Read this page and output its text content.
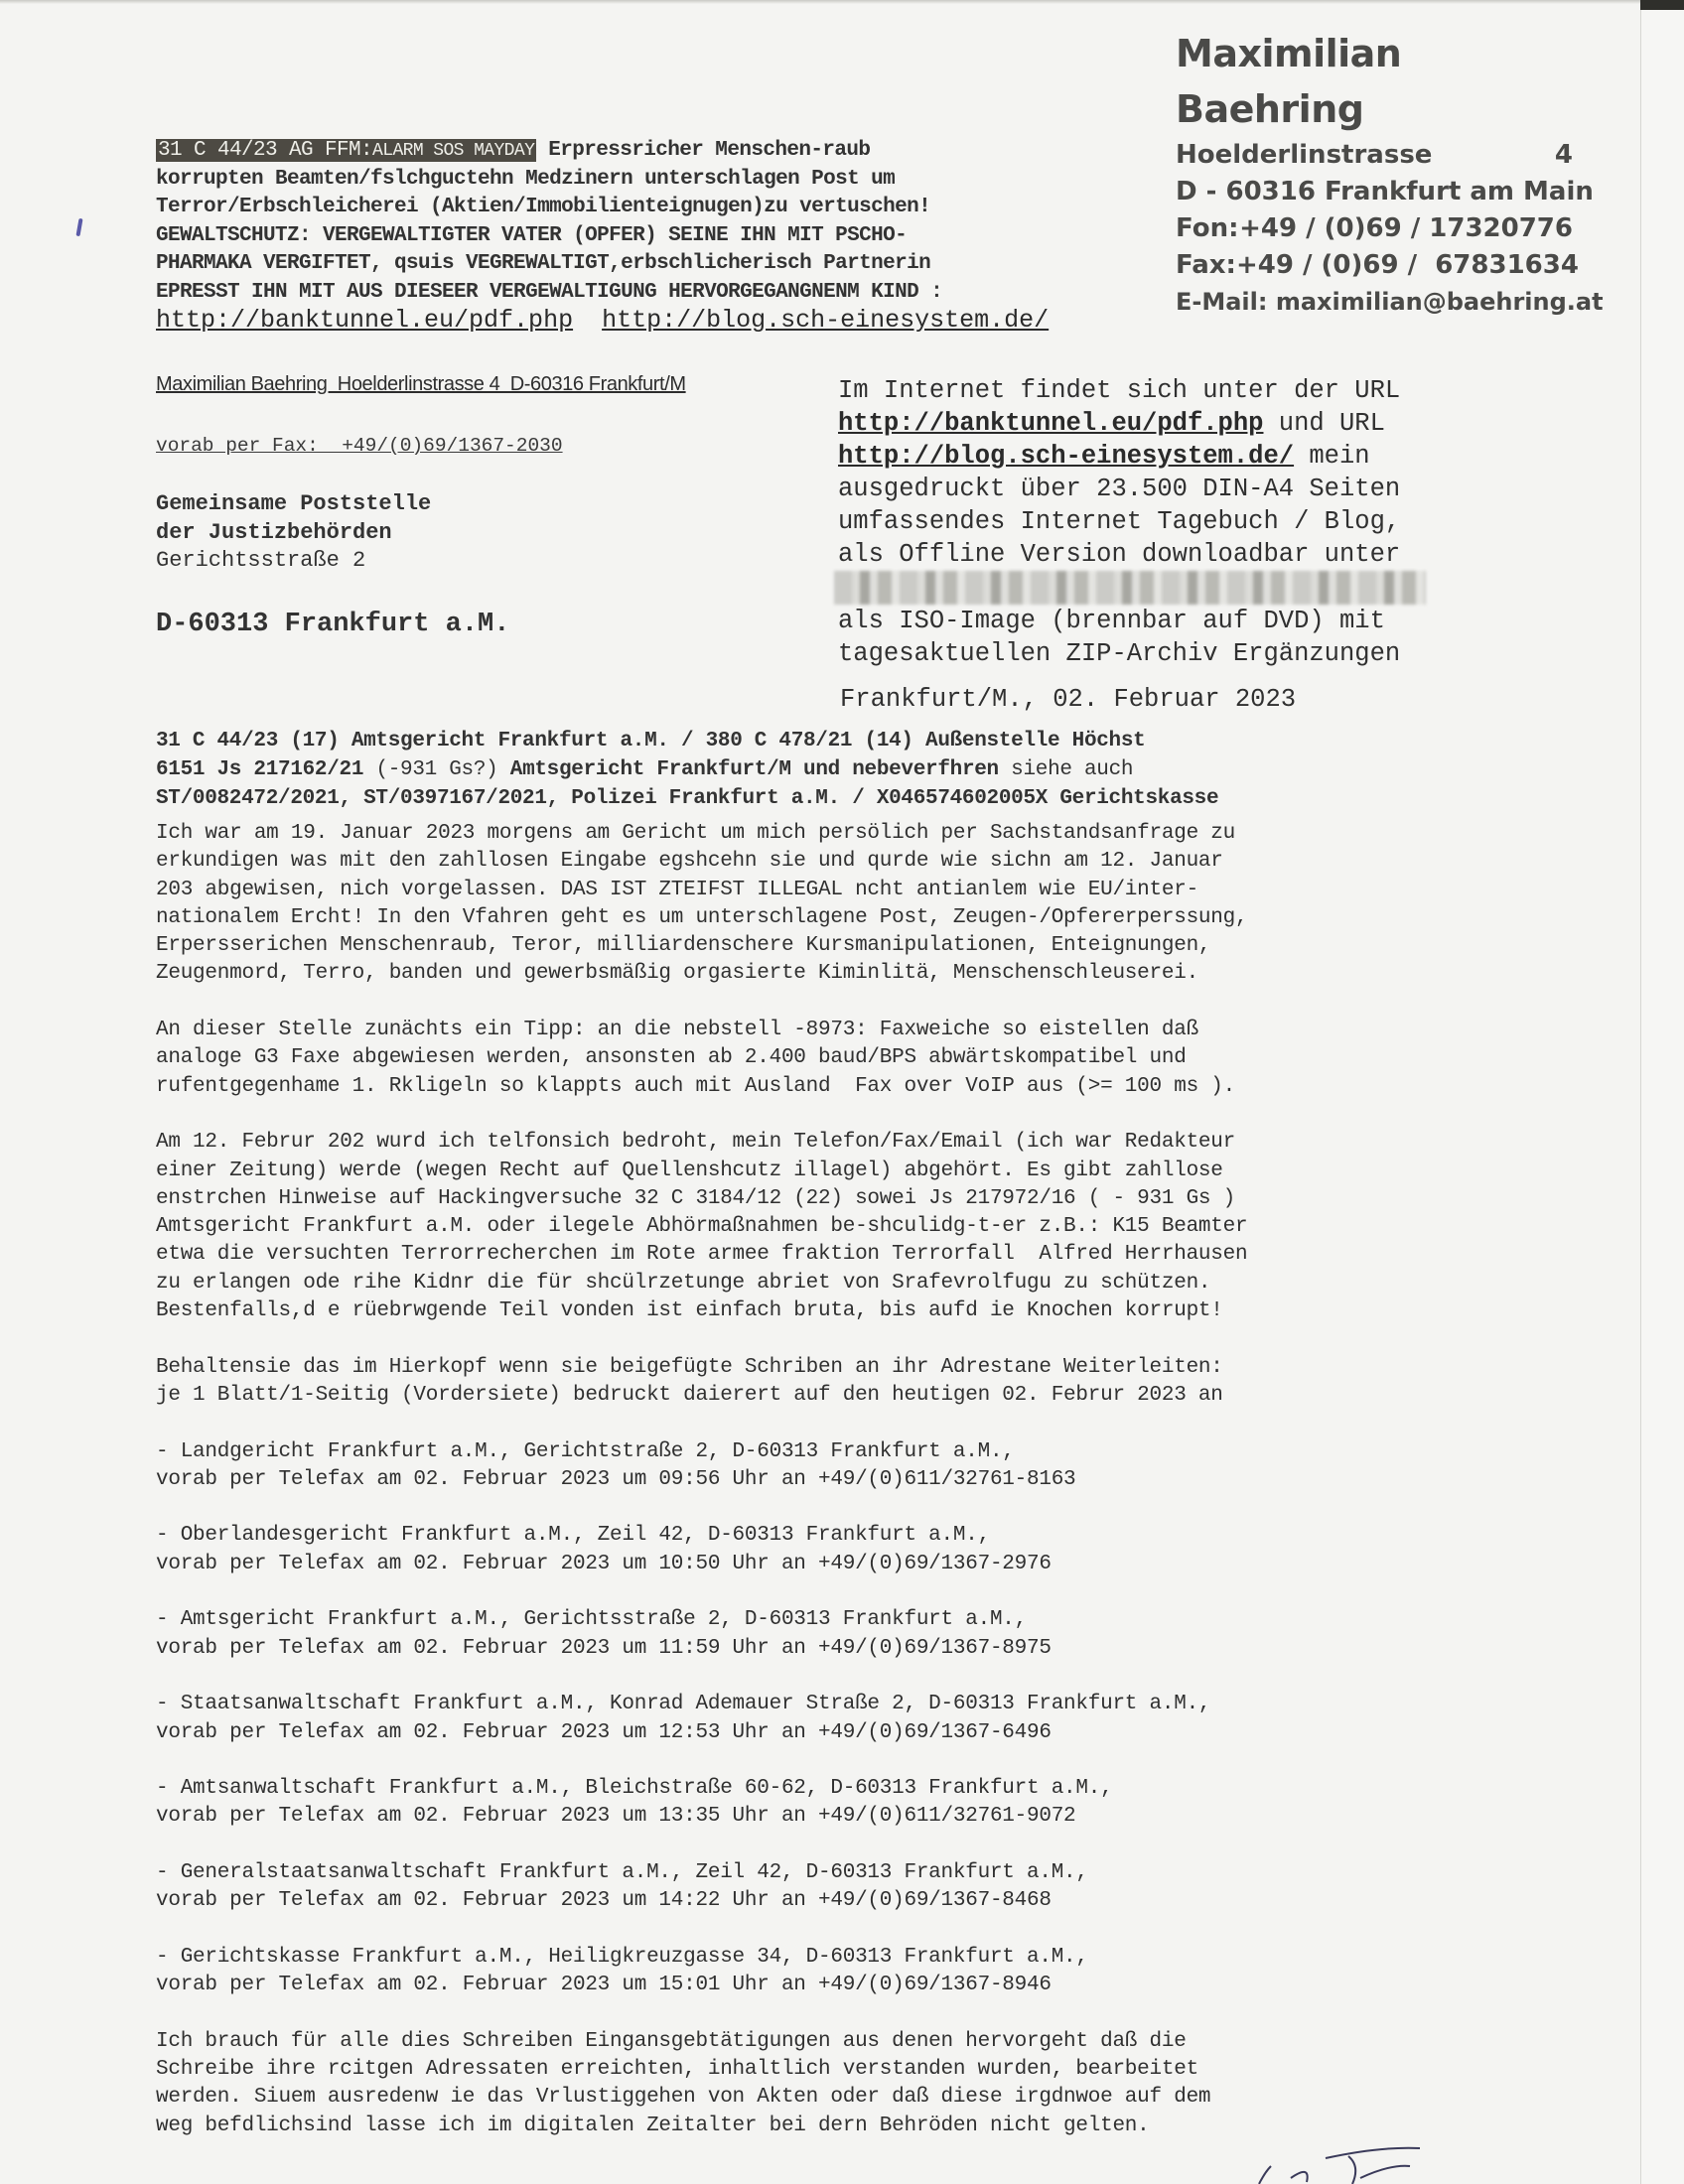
Maximilian Baehring
Hoelderlinstrasse	4
D - 60316 Frankfurt am Main
Fon: +49 / (0)69 / 17320776
Fax: +49 / (0)69 /  67831634
E-Mail: maximilian@baehring.at
31 C 44/23 AG FFM:ALARM SOS MAYDAY Erpressricher Menschen-raub
korrupten Beamten/fslchguctehn Medzinern unterschlagen Post um
Terror/Erbschleicherei (Aktien/Immobilienteignugen)zu vertuschen!
GEWALTSCHUTZ: VERGEWALTIGTER VATER (OPFER) SEINE IHN MIT PSCHO-
PHARMAKA VERGIFTET, qsuis VEGREWALTIGT,erbschlicherisch Partnerin
EPRESST IHN MIT AUS DIESEER VERGEWALTIGUNG HERVORGEGANGNENM KIND :
http://banktunnel.eu/pdf.php http://blog.sch-einesystem.de/
Maximilian Baehring  Hoelderlinstrasse 4  D-60316 Frankfurt/M
vorab per Fax:  +49/(0)69/1367-2030
Gemeinsame Poststelle
der Justizbehörden
Gerichtsstraße 2
D-60313 Frankfurt a.M.
Im Internet findet sich unter der URL
http://banktunnel.eu/pdf.php und URL
http://blog.sch-einesystem.de/ mein
ausgedruckt über 23.500 DIN-A4 Seiten
umfassendes Internet Tagebuch / Blog,
als Offline Version downloadbar unter
als ISO-Image (brennbar auf DVD) mit
tagesaktuellen ZIP-Archiv Ergänzungen
Frankfurt/M., 02. Februar 2023
31 C 44/23 (17) Amtsgericht Frankfurt a.M. / 380 C 478/21 (14) Außenstelle Höchst
6151 Js 217162/21 (-931 Gs?) Amtsgericht Frankfurt/M und nebeverfhren siehe auch
ST/0082472/2021, ST/0397167/2021, Polizei Frankfurt a.M. / X046574602005X Gerichtskasse

Ich war am 19. Januar 2023 morgens am Gericht um mich persölich per Sachstandsanfrage zu
erkundigen was mit den zahllosen Eingabe egshcehn sie und qurde wie sichn am 12. Januar
203 abgewisen, nich vorgelassen. DAS IST ZTEIFST ILLEGAL ncht antianlem wie EU/inter-
nationalem Ercht! In den Vfahren geht es um unterschlagene Post, Zeugen-/Opfererperssung,
Erpersserichen Menschenraub, Teror, milliardenschere Kursmanipulationen, Enteignungen,
Zeugenmord, Terro, banden und gewerbsmäßig orgasierte Kiminlitä, Menschenschleuserei.

An dieser Stelle zunächts ein Tipp: an die nebstell -8973: Faxweiche so eistellen daß
analoge G3 Faxe abgewiesen werden, ansonsten ab 2.400 baud/BPS abwärtskompatibel und
rufentgegenhame 1. Rkligeln so klappts auch mit Ausland  Fax over VoIP aus (>= 100 ms ).

Am 12. Februr 202 wurd ich telfonsich bedroht, mein Telefon/Fax/Email (ich war Redakteur
einer Zeitung) werde (wegen Recht auf Quellenshcutz illagel) abgehört. Es gibt zahllose
enstrchen Hinweise auf Hackingversuche 32 C 3184/12 (22) sowei Js 217972/16 ( - 931 Gs )
Amtsgericht Frankfurt a.M. oder ilegele Abhörmaßnahmen be-shculidg-t-er z.B.: K15 Beamter
etwa die versuchten Terrorrecherchen im Rote armee fraktion Terrorfall  Alfred Herrhausen
zu erlangen ode rihe Kidnr die für shcülrzetunge abriet von Srafevrolfugu zu schützen.
Bestenfalls,d e rüebrwgende Teil vonden ist einfach bruta, bis aufd ie Knochen korrupt!

Behaltensie das im Hierkopf wenn sie beigefügte Schriben an ihr Adrestane Weiterleiten:
je 1 Blatt/1-Seitig (Vordersiete) bedruckt daierert auf den heutigen 02. Februr 2023 an

- Landgericht Frankfurt a.M., Gerichtstraße 2, D-60313 Frankfurt a.M.,
vorab per Telefax am 02. Februar 2023 um 09:56 Uhr an +49/(0)611/32761-8163
- Oberlandesgericht Frankfurt a.M., Zeil 42, D-60313 Frankfurt a.M.,
vorab per Telefax am 02. Februar 2023 um 10:50 Uhr an +49/(0)69/1367-2976
- Amtsgericht Frankfurt a.M., Gerichtsstraße 2, D-60313 Frankfurt a.M.,
vorab per Telefax am 02. Februar 2023 um 11:59 Uhr an +49/(0)69/1367-8975
- Staatsanwaltschaft Frankfurt a.M., Konrad Ademauer Straße 2, D-60313 Frankfurt a.M.,
vorab per Telefax am 02. Februar 2023 um 12:53 Uhr an +49/(0)69/1367-6496
- Amtsanwaltschaft Frankfurt a.M., Bleichstraße 60-62, D-60313 Frankfurt a.M.,
vorab per Telefax am 02. Februar 2023 um 13:35 Uhr an +49/(0)611/32761-9072
- Generalstaatsanwaltschaft Frankfurt a.M., Zeil 42, D-60313 Frankfurt a.M.,
vorab per Telefax am 02. Februar 2023 um 14:22 Uhr an +49/(0)69/1367-8468
- Gerichtskasse Frankfurt a.M., Heiligkreuzgasse 34, D-60313 Frankfurt a.M.,
vorab per Telefax am 02. Februar 2023 um 15:01 Uhr an +49/(0)69/1367-8946

Ich brauch für alle dies Schreiben Eingansgebtätigungen aus denen hervorgeht daß die
Schreibe ihre rcitgen Adressaten erreichten, inhaltlich verstanden wurden, bearbeitet
werden. Siuem ausredenw ie das Vrlustiggehen von Akten oder daß diese irgdnwoe auf dem
weg befdlichsind lasse ich im digitalen Zeitalter bei dern Behröden nicht gelten.
